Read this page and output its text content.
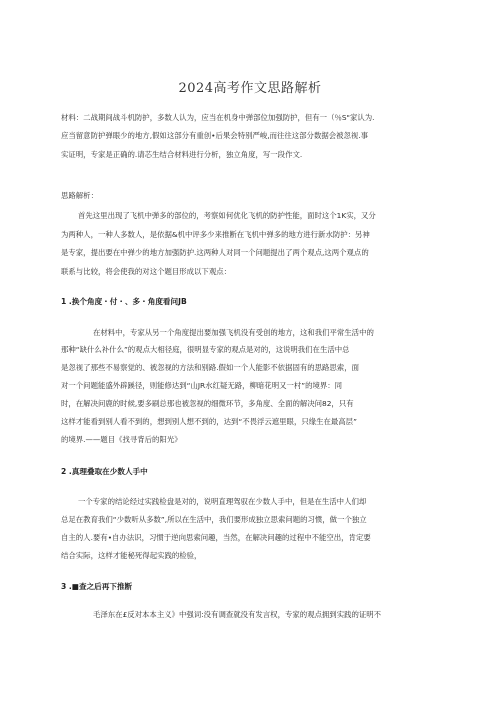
2024高考作文思路解析
材料：二战期间战斗机防护，多数人认为，应当在机身中弹部位加强防护，但有一（％S"家认为.
应当留意防护弹眼少的地方,假如这部分有重创•后果会特别严峻,而往往这部分数据会被忽视.事
实证明，专家是正确的.请芯生结合材料进行分析，独立角度，写一段作文.
思路解析：
首先这里出现了飞机中弹多的部位的，考察如何优化飞机的防护性能，面时这个1K实，又分
为两种人，一种人多数人，是依据&机中评多少来推断在飞机中弹多的地方进行新水防护：另神
是专家，提出要在中弹少的地方加强防护.这两种人对同一个问题提出了两个观点,这两个观点的
联系与比较，将会使我的对这个题目形成以下观点：
1 .换个角度・付・、多・角度看问JB
在材料中，专家从另一个角度提出要加强飞机没有受创的地方，这和我们平常生活中的
那种“缺什么补什么”的观点大相径庭，很明显专家的观点是对的，这说明我们在生活中总
是忽视了那些不易察觉的、被忽视的方法和别路.假如一个人能影不依据固有的思路思索，面
对一个问题能盛外辟蹊径，则能修达到“山JR水红疑无路，柳暗花明又一村”的境界：同
时，在解决问鹿的时候,要多刷总那也被忽视的细微环节，多角度、全面的解决问82，只有
这样才能看到别人看不到的，想到别人想不到的，达到“不畏浮云遮里眼，只缘生在最高层”
的境界.——题目《找寻背后的阳光》
2 .真理叠取在少数人手中
一个专家的结论经过实践检盘是对的，说明直理驾驭在少数人手中，但是在生活中人们却
总足在教育我们“少数听从多数”,所以在生活中，我们要形成独立思索问题的习惯，做一个独立
自主的人.要有•自办法识，习惯于逆向思索问趣，当然，在解决问趣的过程中不能空出，肯定要
结合实际，这样才能秘死得起实践的检验，
3 .■查之后再下推断
毛泽东在£反对本本主义》中强词:没有调查就没有发言权，专家的观点拥到实践的证明不
